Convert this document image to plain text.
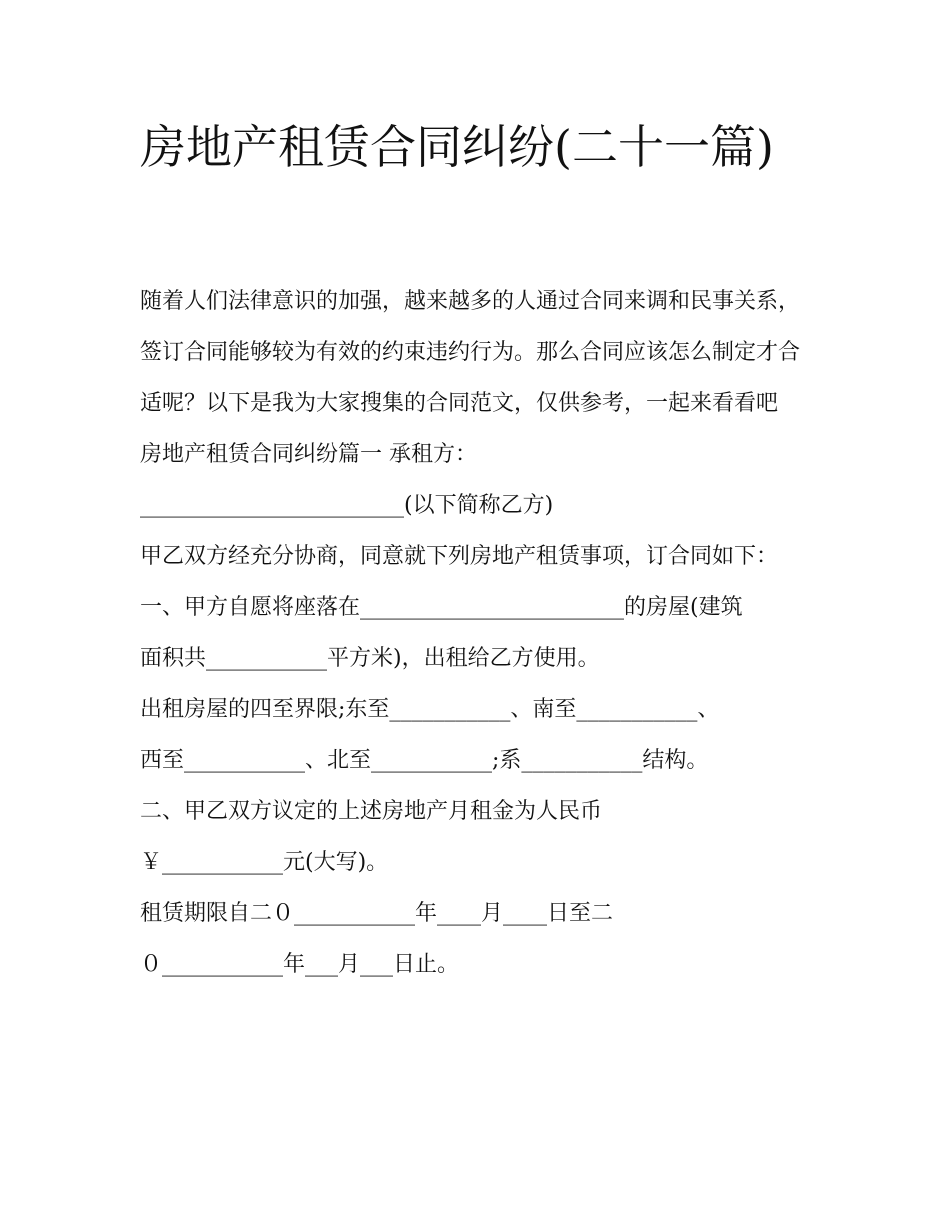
房地产租赁合同纠纷(二十一篇)

随着人们法律意识的加强，越来越多的人通过合同来调和民事关系，签订合同能够较为有效的约束违约行为。那么合同应该怎么制定才合适呢？以下是我为大家搜集的合同范文，仅供参考，一起来看看吧

房地产租赁合同纠纷篇一 承租方：

________________________(以下简称乙方)

甲乙双方经充分协商，同意就下列房地产租赁事项，订合同如下：

一、甲方自愿将座落在________________________的房屋(建筑

面积共___________平方米)，出租给乙方使用。

出租房屋的四至界限;东至___________、南至___________、

西至___________、北至___________;系___________结构。

二、甲乙双方议定的上述房地产月租金为人民币

￥___________元(大写)。

租赁期限自二０___________年____月____日至二

０___________年___月___日止。
